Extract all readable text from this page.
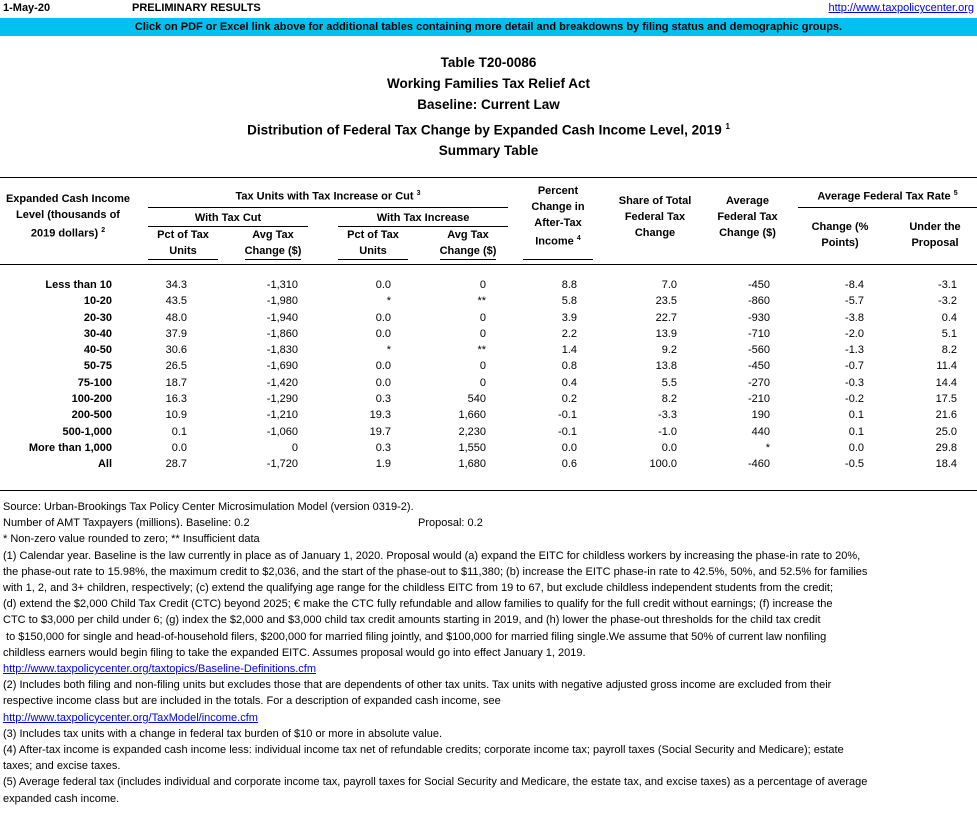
1-May-20	PRELIMINARY RESULTS	http://www.taxpolicycenter.org
Click on PDF or Excel link above for additional tables containing more detail and breakdowns by filing status and demographic groups.
Table T20-0086
Working Families Tax Relief Act
Baseline: Current Law
Distribution of Federal Tax Change by Expanded Cash Income Level, 2019 $^1$
Summary Table
Expanded Cash Income
Level (thousands of
2019 dollars) $^2$
Tax Units with Tax Increase or Cut $^3$
With Tax Cut	With Tax Increase
Pct of Tax
Units
Avg Tax
Change ($)
Pct of Tax
Units
Avg Tax
Change ($)
Percent
Change in
After-Tax
Income $^4$
Share of Total
Federal Tax
Change
Average
Federal Tax
Change ($)
Average Federal Tax Rate $^5$
Change (%
Points)
Under the
Proposal
Less than 10	34.3	-1,310	0.0	0	8.8	7.0	-450	-8.4	-3.1
10-20	43.5	-1,980	*	**	5.8	23.5	-860	-5.7	-3.2
20-30	48.0	-1,940	0.0	0	3.9	22.7	-930	-3.8	0.4
30-40	37.9	-1,860	0.0	0	2.2	13.9	-710	-2.0	5.1
40-50	30.6	-1,830	*	**	1.4	9.2	-560	-1.3	8.2
50-75	26.5	-1,690	0.0	0	0.8	13.8	-450	-0.7	11.4
75-100	18.7	-1,420	0.0	0	0.4	5.5	-270	-0.3	14.4
100-200	16.3	-1,290	0.3	540	0.2	8.2	-210	-0.2	17.5
200-500	10.9	-1,210	19.3	1,660	-0.1	-3.3	190	0.1	21.6
500-1,000	0.1	-1,060	19.7	2,230	-0.1	-1.0	440	0.1	25.0
More than 1,000	0.0	0	0.3	1,550	0.0	0.0	*	0.0	29.8
All	28.7	-1,720	1.9	1,680	0.6	100.0	-460	-0.5	18.4
Source: Urban-Brookings Tax Policy Center Microsimulation Model (version 0319-2).
Number of AMT Taxpayers (millions). Baseline: 0.2	Proposal: 0.2
* Non-zero value rounded to zero; ** Insufficient data
(1) Calendar year. Baseline is the law currently in place as of January 1, 2020. Proposal would (a) expand the EITC for childless workers by increasing the phase-in rate to 20%,
the phase-out rate to 15.98%, the maximum credit to $2,036, and the start of the phase-out to $11,380; (b) increase the EITC phase-in rate to 42.5%, 50%, and 52.5% for families
with 1, 2, and 3+ children, respectively; (c) extend the qualifying age range for the childless EITC from 19 to 67, but exclude childless independent students from the credit;
(d) extend the $2,000 Child Tax Credit (CTC) beyond 2025; € make the CTC fully refundable and allow families to qualify for the full credit without earnings; (f) increase the
CTC to $3,000 per child under 6; (g) index the $2,000 and $3,000 child tax credit amounts starting in 2019, and (h) lower the phase-out thresholds for the child tax credit
to $150,000 for single and head-of-household filers, $200,000 for married filing jointly, and $100,000 for married filing single.We assume that 50% of current law nonfiling
childless earners would begin filing to take the expanded EITC. Assumes proposal would go into effect January 1, 2019.
http://www.taxpolicycenter.org/taxtopics/Baseline-Definitions.cfm
(2) Includes both filing and non-filing units but excludes those that are dependents of other tax units. Tax units with negative adjusted gross income are excluded from their
respective income class but are included in the totals. For a description of expanded cash income, see
http://www.taxpolicycenter.org/TaxModel/income.cfm
(3) Includes tax units with a change in federal tax burden of $10 or more in absolute value.
(4) After-tax income is expanded cash income less: individual income tax net of refundable credits; corporate income tax; payroll taxes (Social Security and Medicare); estate
taxes; and excise taxes.
(5) Average federal tax (includes individual and corporate income tax, payroll taxes for Social Security and Medicare, the estate tax, and excise taxes) as a percentage of average
expanded cash income.
